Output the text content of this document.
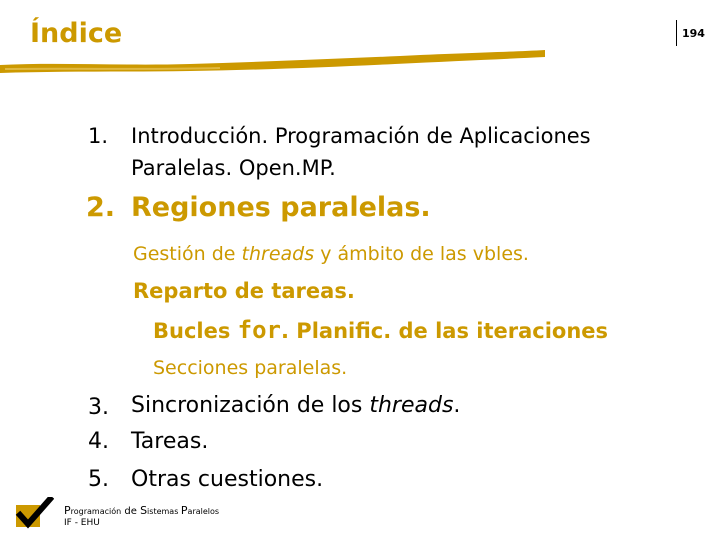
Índice	194
1. Introducción. Programación de Aplicaciones
Paralelas. Open.MP.
2. Regiones paralelas.
Gestión de threads y ámbito de las vbles.
Reparto de tareas.
Bucles for. Planific. de las iteraciones
Secciones paralelas.
3. Sincronización de los threads.
4. Tareas.
5. Otras cuestiones.
Programación de Sistemas Paralelos
IF - EHU
